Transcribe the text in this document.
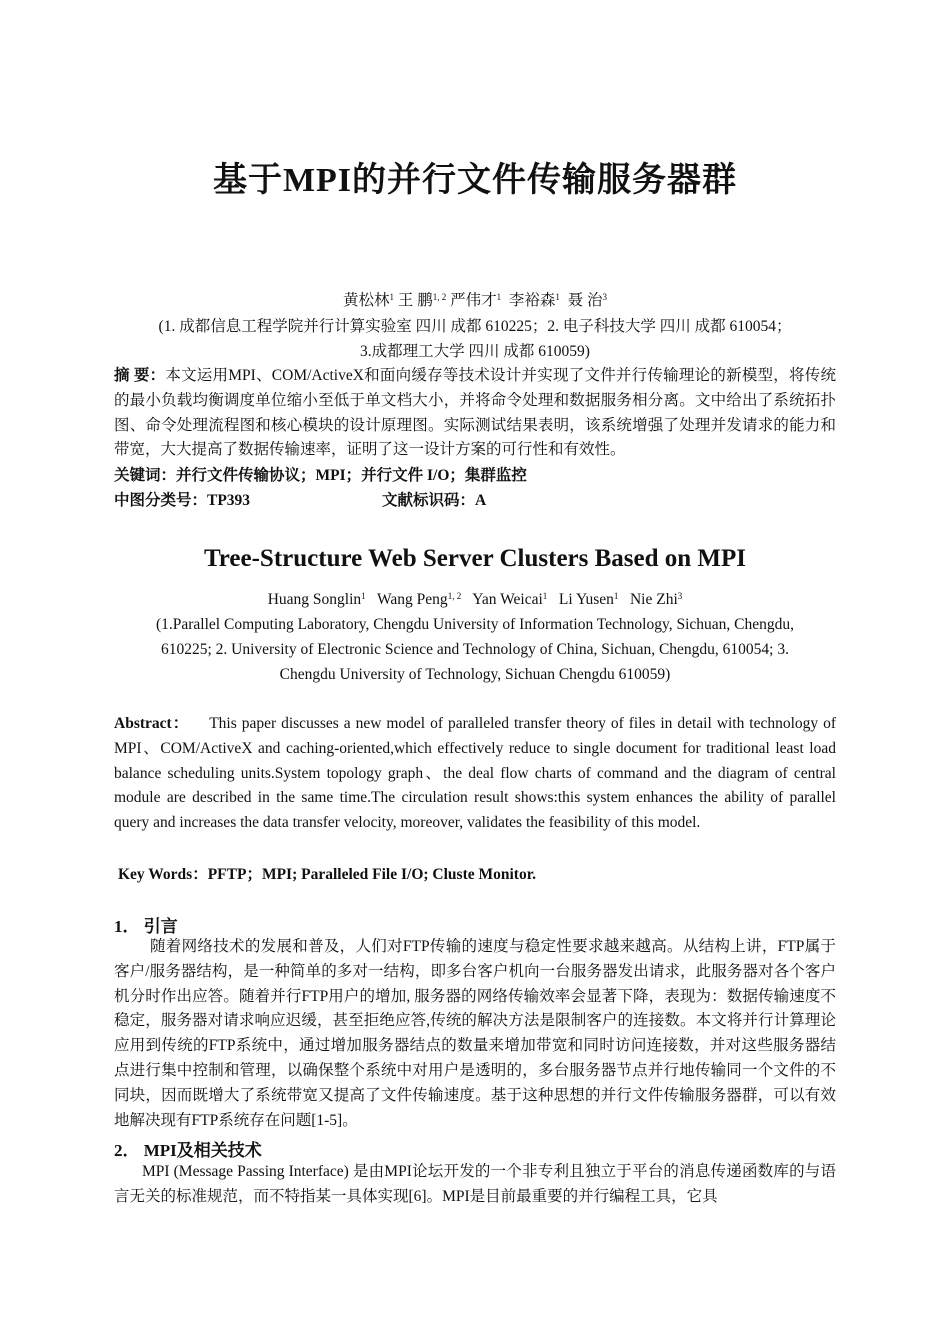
基于MPI的并行文件传输服务器群
黄松林$^1$ 王 鹏$^{1, 2}$ 严伟才$^1$ 李裕森$^1$ 聂 治$^3$
(1. 成都信息工程学院并行计算实验室 四川 成都 610225；2. 电子科技大学 四川 成都 610054；
3.成都理工大学 四川 成都 610059)
摘 要：本文运用MPI、COM/ActiveX和面向缓存等技术设计并实现了文件并行传输理论的新模型，将传统的最小负载均衡调度单位缩小至低于单文档大小，并将命令处理和数据服务相分离。文中给出了系统拓扑图、命令处理流程图和核心模块的设计原理图。实际测试结果表明，该系统增强了处理并发请求的能力和带宽，大大提高了数据传输速率，证明了这一设计方案的可行性和有效性。
关键词：并行文件传输协议；MPI；并行文件 I/O；集群监控
中图分类号：TP393	文献标识码：A
Tree-Structure Web Server Clusters Based on MPI
Huang Songlin$^1$ Wang Peng$^{1, 2}$ Yan Weicai$^1$ Li Yusen$^1$ Nie Zhi$^3$
(1.Parallel Computing Laboratory, Chengdu University of Information Technology, Sichuan, Chengdu,
610225; 2. University of Electronic Science and Technology of China, Sichuan, Chengdu, 610054; 3.
Chengdu University of Technology, Sichuan Chengdu 610059)
Abstract： This paper discusses a new model of paralleled transfer theory of files in detail with technology of MPI、COM/ActiveX and caching-oriented,which effectively reduce to single document for traditional least load balance scheduling units.System topology graph、the deal flow charts of command and the diagram of central module are described in the same time.The circulation result shows:this system enhances the ability of parallel query and increases the data transfer velocity, moreover, validates the feasibility of this model.
Key Words：PFTP；MPI; Paralleled File I/O; Cluste Monitor.
1． 引言
随着网络技术的发展和普及，人们对FTP传输的速度与稳定性要求越来越高。从结构上讲，FTP属于客户/服务器结构，是一种简单的多对一结构，即多台客户机向一台服务器发出请求，此服务器对各个客户机分时作出应答。随着并行FTP用户的增加, 服务器的网络传输效率会显著下降，表现为：数据传输速度不稳定，服务器对请求响应迟缓，甚至拒绝应答,传统的解决方法是限制客户的连接数。本文将并行计算理论应用到传统的FTP系统中，通过增加服务器结点的数量来增加带宽和同时访问连接数，并对这些服务器结点进行集中控制和管理，以确保整个系统中对用户是透明的，多台服务器节点并行地传输同一个文件的不同块，因而既增大了系统带宽又提高了文件传输速度。基于这种思想的并行文件传输服务器群，可以有效地解决现有FTP系统存在问题[1-5]。
2． MPI及相关技术
MPI (Message Passing Interface) 是由MPI论坛开发的一个非专利且独立于平台的消息传递函数库的与语言无关的标准规范，而不特指某一具体实现[6]。MPI是目前最重要的并行编程工具，它具
